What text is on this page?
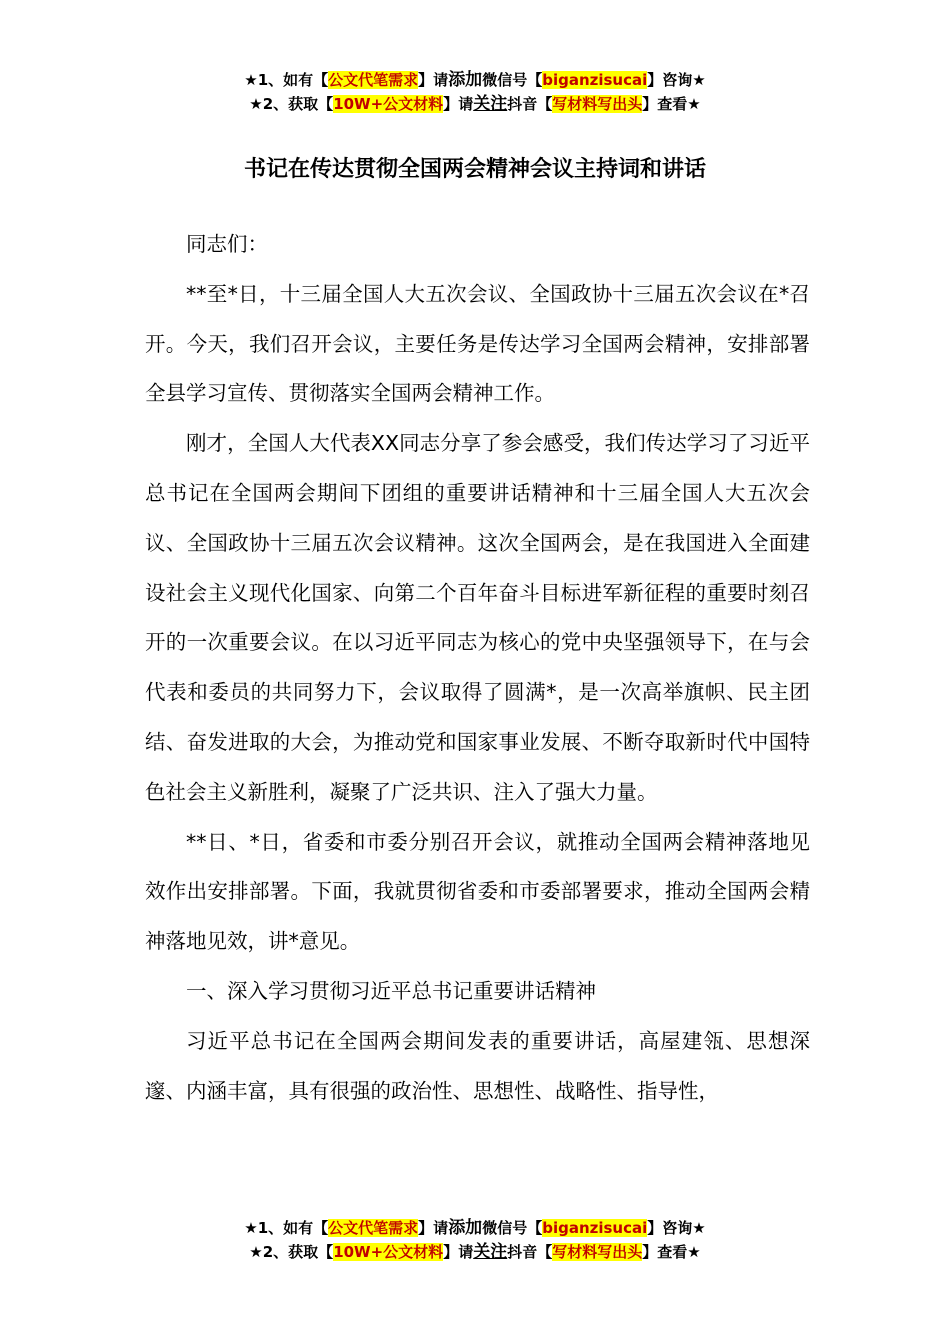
★1、如有【公文代笔需求】请添加微信号【biganzisucai】咨询★
★2、获取【10W+公文材料】请关注抖音【写材料写出头】查看★
书记在传达贯彻全国两会精神会议主持词和讲话

同志们：

**至*日，十三届全国人大五次会议、全国政协十三届五次会议在*召开。今天，我们召开会议，主要任务是传达学习全国两会精神，安排部署全县学习宣传、贯彻落实全国两会精神工作。

刚才，全国人大代表XX同志分享了参会感受，我们传达学习了习近平总书记在全国两会期间下团组的重要讲话精神和十三届全国人大五次会议、全国政协十三届五次会议精神。这次全国两会，是在我国进入全面建设社会主义现代化国家、向第二个百年奋斗目标进军新征程的重要时刻召开的一次重要会议。在以习近平同志为核心的党中央坚强领导下，在与会代表和委员的共同努力下，会议取得了圆满*，是一次高举旗帜、民主团结、奋发进取的大会，为推动党和国家事业发展、不断夺取新时代中国特色社会主义新胜利，凝聚了广泛共识、注入了强大力量。

**日、*日，省委和市委分别召开会议，就推动全国两会精神落地见效作出安排部署。下面，我就贯彻省委和市委部署要求，推动全国两会精神落地见效，讲*意见。

一、深入学习贯彻习近平总书记重要讲话精神

习近平总书记在全国两会期间发表的重要讲话，高屋建瓴、思想深邃、内涵丰富，具有很强的政治性、思想性、战略性、指导性，

★1、如有【公文代笔需求】请添加微信号【biganzisucai】咨询★
★2、获取【10W+公文材料】请关注抖音【写材料写出头】查看★
